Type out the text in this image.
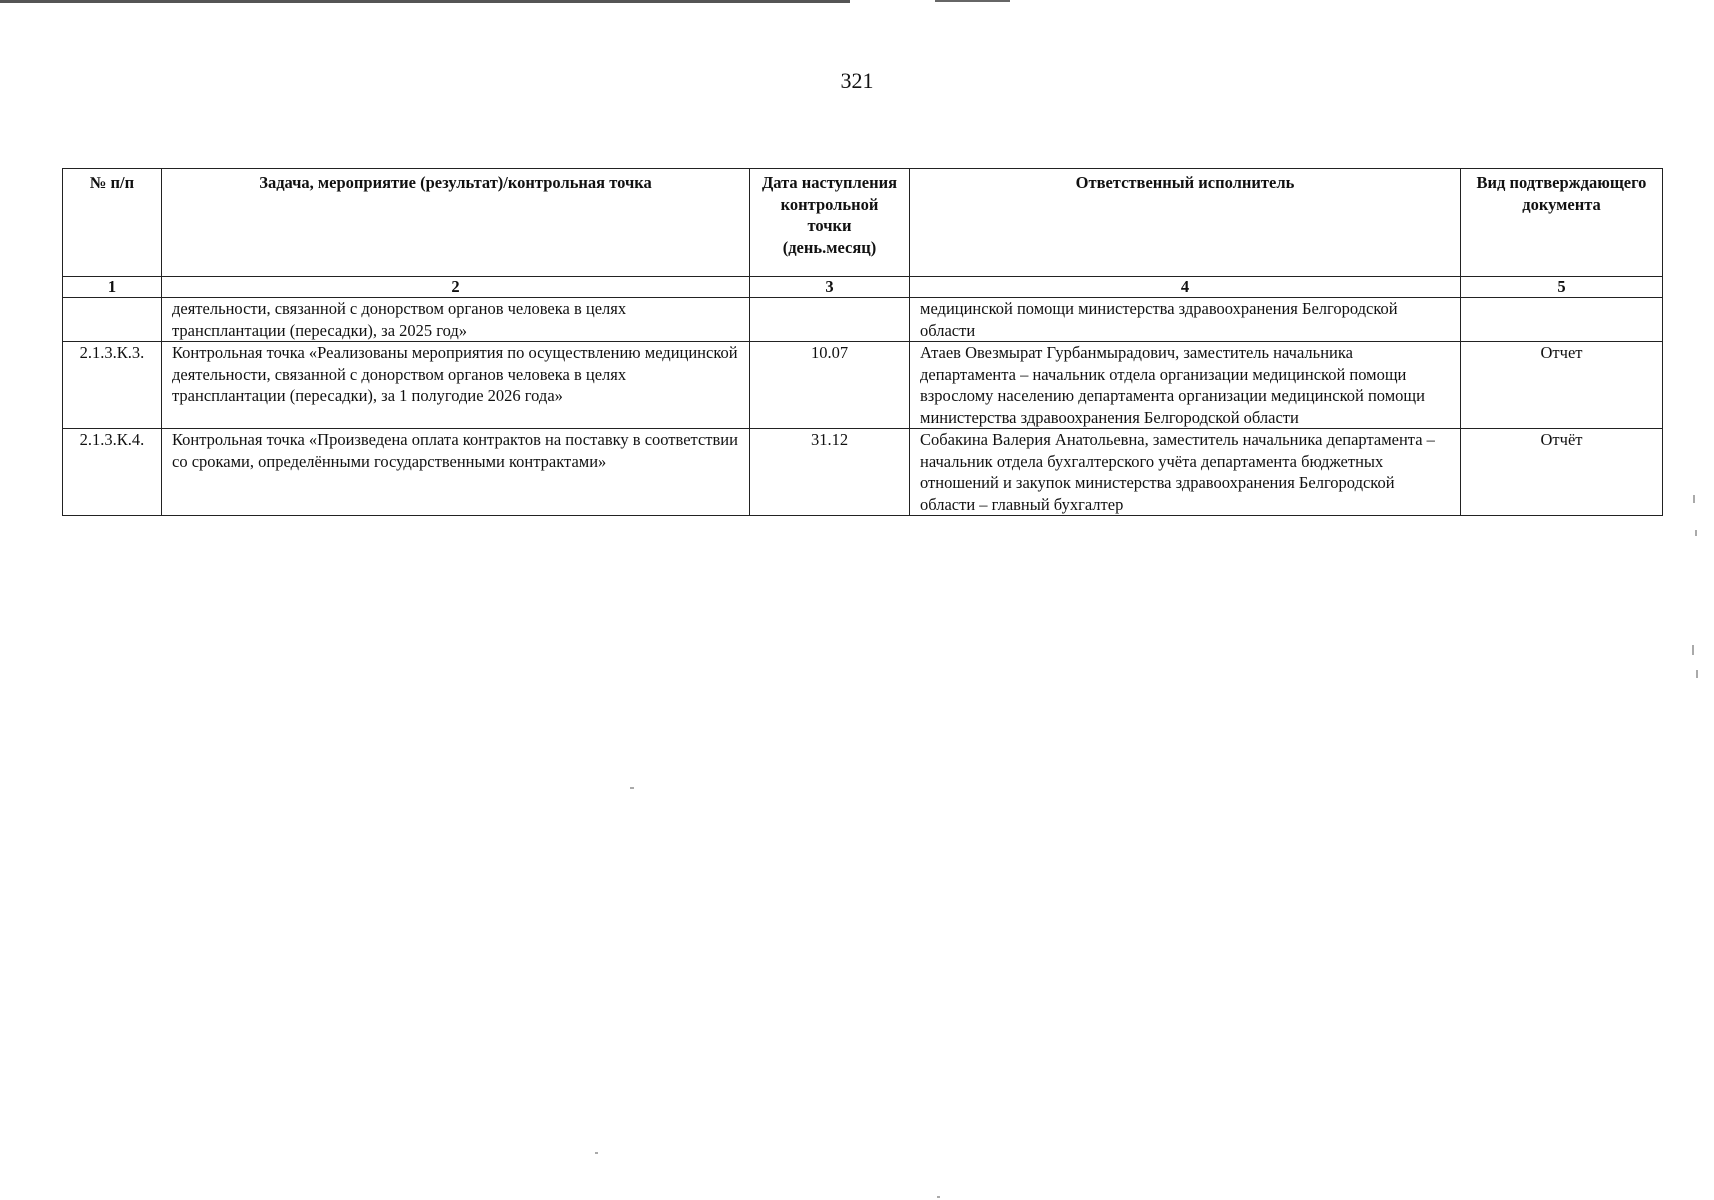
321
№ п/п	Задача, мероприятие (результат)/контрольная точка	Дата наступления контрольной точки (день.месяц)	Ответственный исполнитель	Вид подтверждающего документа
1	2	3	4	5
	деятельности, связанной с донорством органов человека в целях трансплантации (пересадки), за 2025 год»		медицинской помощи министерства здравоохранения Белгородской области	
2.1.3.К.3.	Контрольная точка «Реализованы мероприятия по осуществлению медицинской деятельности, связанной с донорством органов человека в целях трансплантации (пересадки), за 1 полугодие 2026 года»	10.07	Атаев Овезмырат Гурбанмырадович, заместитель начальника департамента – начальник отдела организации медицинской помощи взрослому населению департамента организации медицинской помощи министерства здравоохранения Белгородской области	Отчет
2.1.3.К.4.	Контрольная точка «Произведена оплата контрактов на поставку в соответствии со сроками, определёнными государственными контрактами»	31.12	Собакина Валерия Анатольевна, заместитель начальника департамента – начальник отдела бухгалтерского учёта департамента бюджетных отношений и закупок министерства здравоохранения Белгородской области – главный бухгалтер	Отчёт
